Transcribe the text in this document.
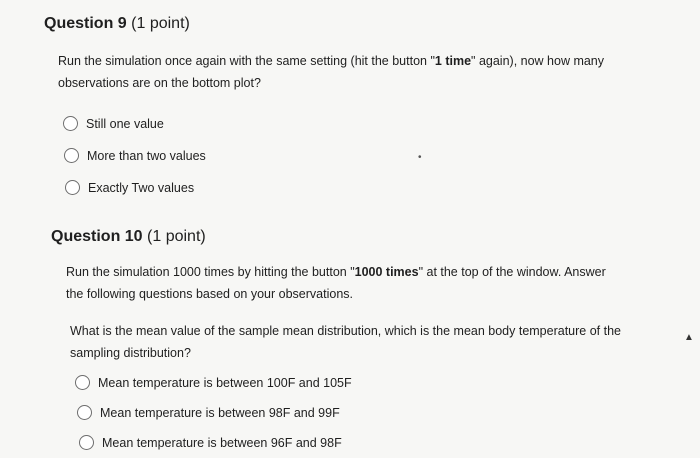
Question 9 (1 point)
Run the simulation once again with the same setting (hit the button "1 time" again), now how many
observations are on the bottom plot?
Still one value
More than two values
Exactly Two values
•
Question 10 (1 point)
Run the simulation 1000 times by hitting the button "1000 times" at the top of the window. Answer
the following questions based on your observations.
What is the mean value of the sample mean distribution, which is the mean body temperature of the
sampling distribution?
▲
Mean temperature is between 100F and 105F
Mean temperature is between 98F and 99F
Mean temperature is between 96F and 98F
